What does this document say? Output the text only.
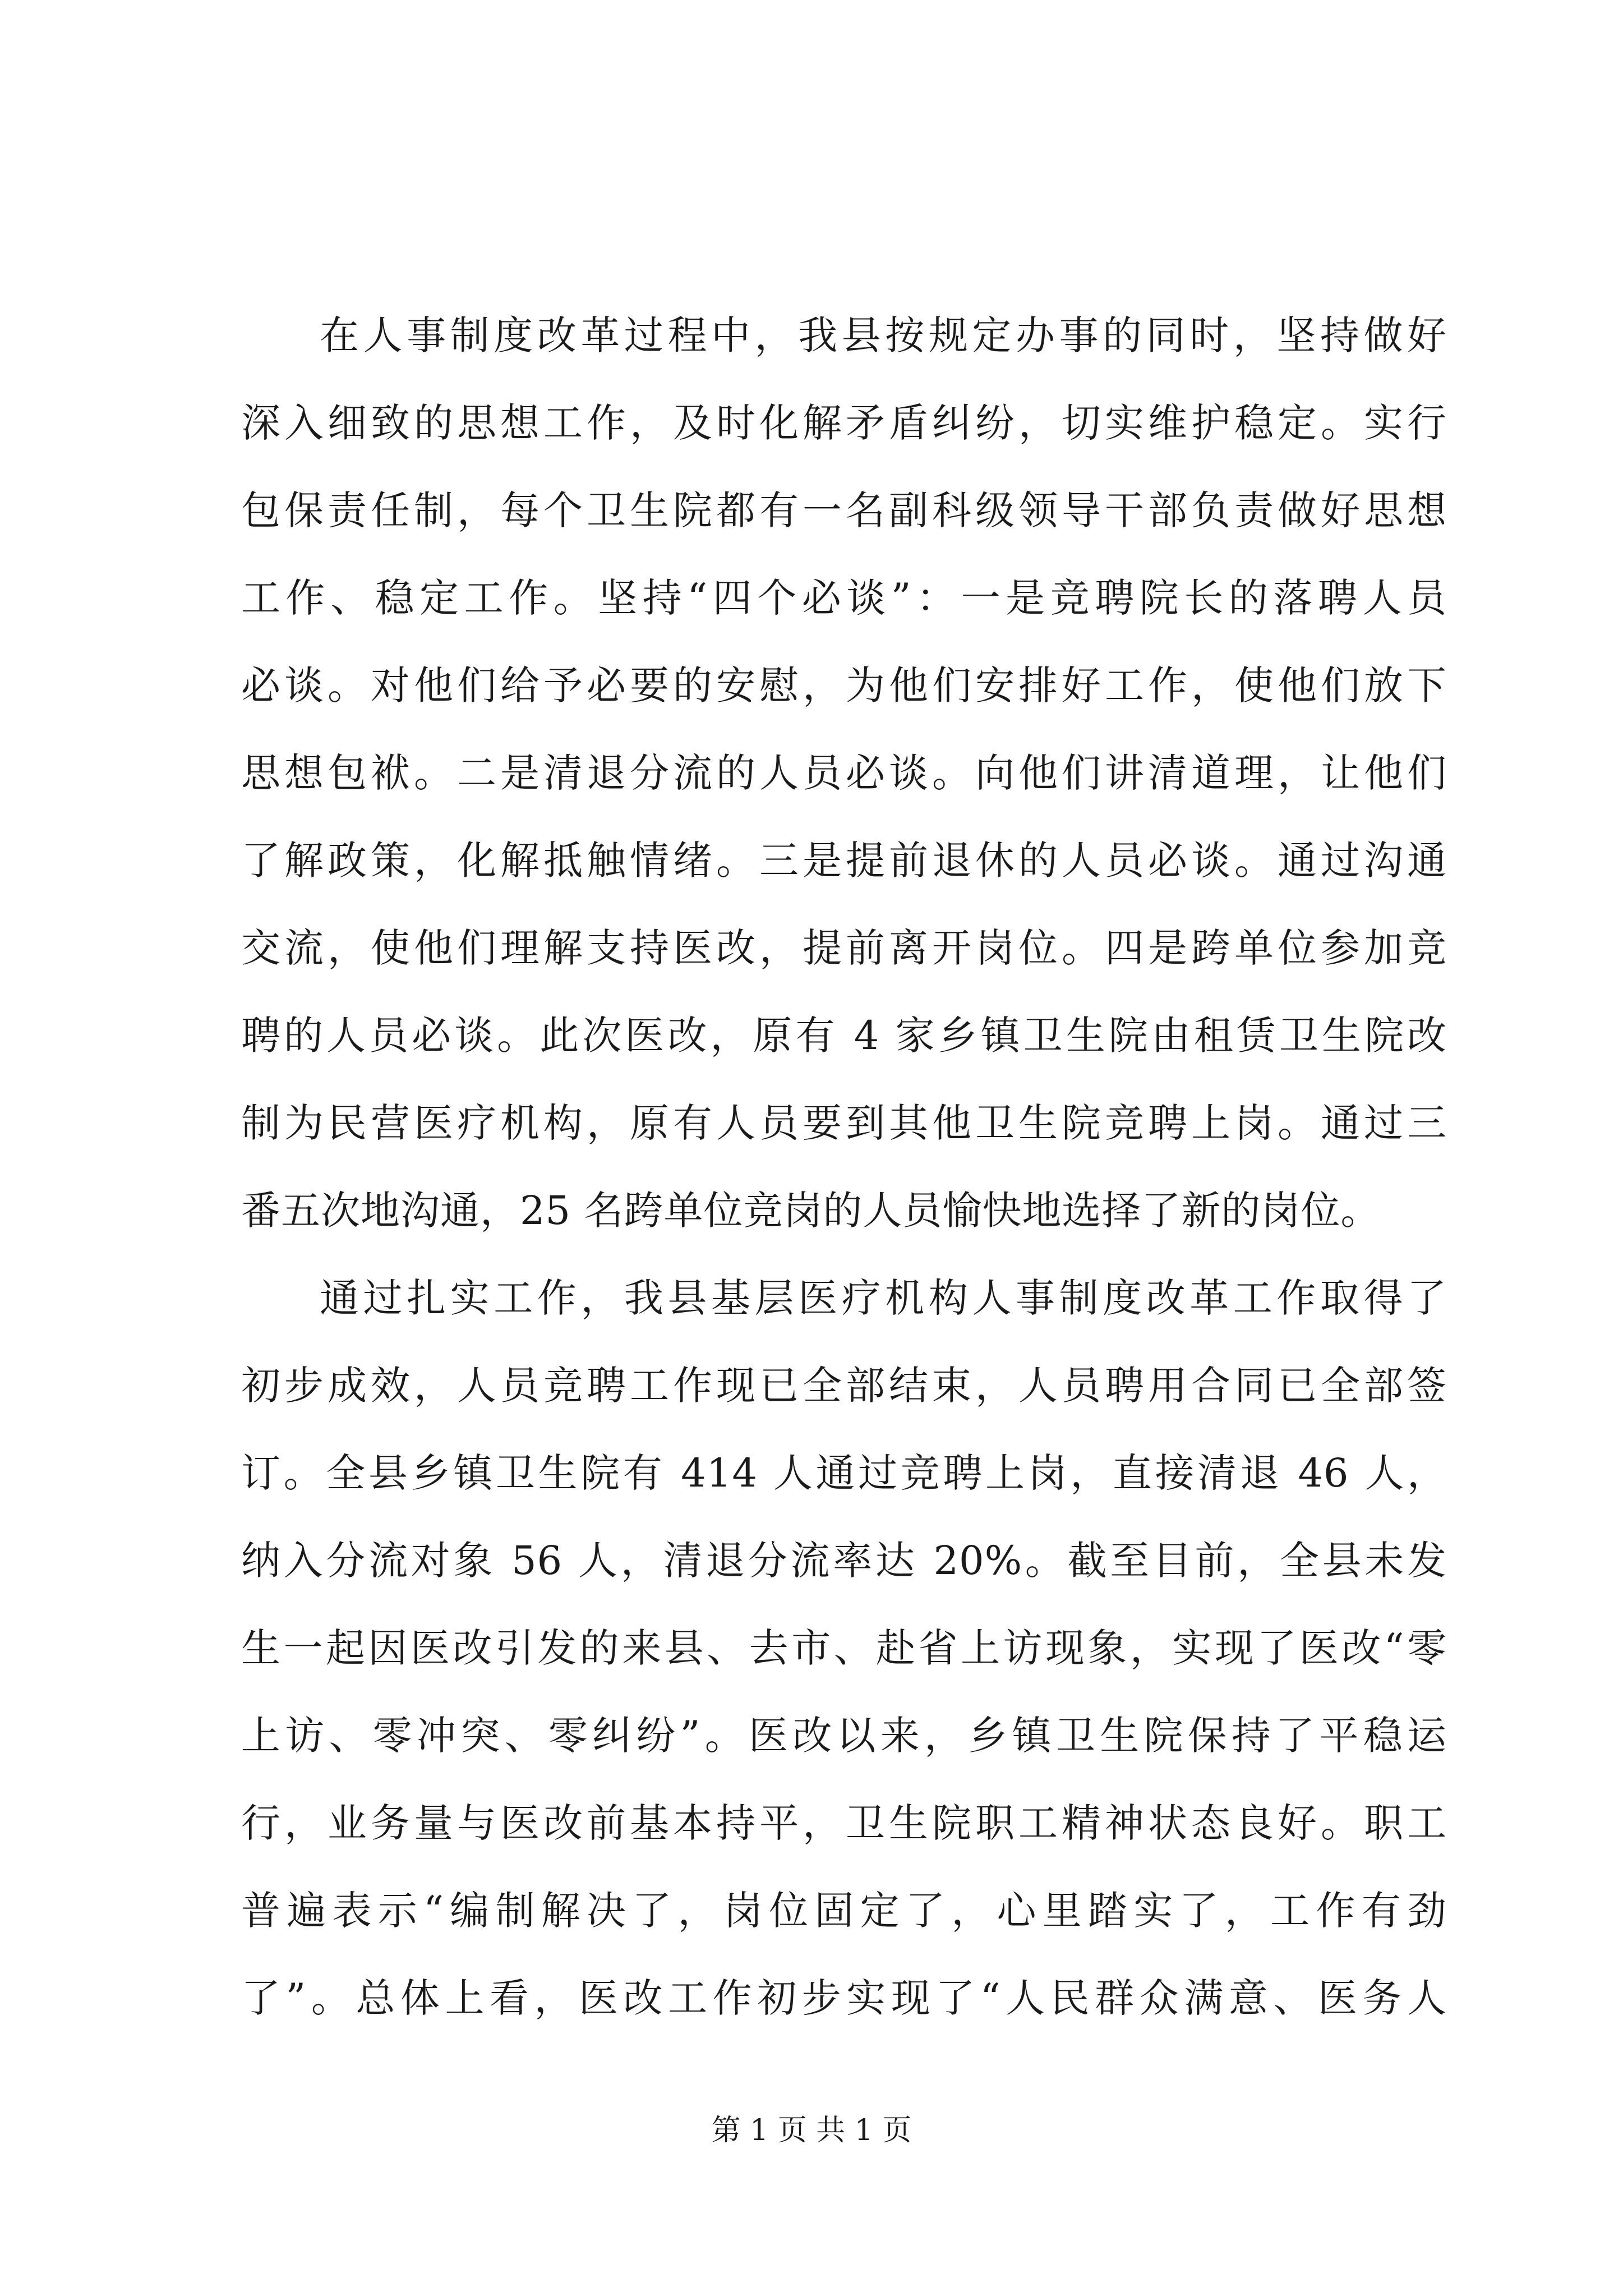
在人事制度改革过程中，我县按规定办事的同时，坚持做好
深入细致的思想工作，及时化解矛盾纠纷，切实维护稳定。实行
包保责任制，每个卫生院都有一名副科级领导干部负责做好思想
工作、稳定工作。坚持“四个必谈”：一是竞聘院长的落聘人员
必谈。对他们给予必要的安慰，为他们安排好工作，使他们放下
思想包袱。二是清退分流的人员必谈。向他们讲清道理，让他们
了解政策，化解抵触情绪。三是提前退休的人员必谈。通过沟通
交流，使他们理解支持医改，提前离开岗位。四是跨单位参加竞
聘的人员必谈。此次医改，原有 4 家乡镇卫生院由租赁卫生院改
制为民营医疗机构，原有人员要到其他卫生院竞聘上岗。通过三
番五次地沟通，25 名跨单位竞岗的人员愉快地选择了新的岗位。
通过扎实工作，我县基层医疗机构人事制度改革工作取得了
初步成效，人员竞聘工作现已全部结束，人员聘用合同已全部签
订。全县乡镇卫生院有 414 人通过竞聘上岗，直接清退 46 人，
纳入分流对象 56 人，清退分流率达 20%。截至目前，全县未发
生一起因医改引发的来县、去市、赴省上访现象，实现了医改“零
上访、零冲突、零纠纷”。医改以来，乡镇卫生院保持了平稳运
行，业务量与医改前基本持平，卫生院职工精神状态良好。职工
普遍表示“编制解决了，岗位固定了，心里踏实了，工作有劲
了”。总体上看，医改工作初步实现了“人民群众满意、医务人
第 1 页 共 1 页
